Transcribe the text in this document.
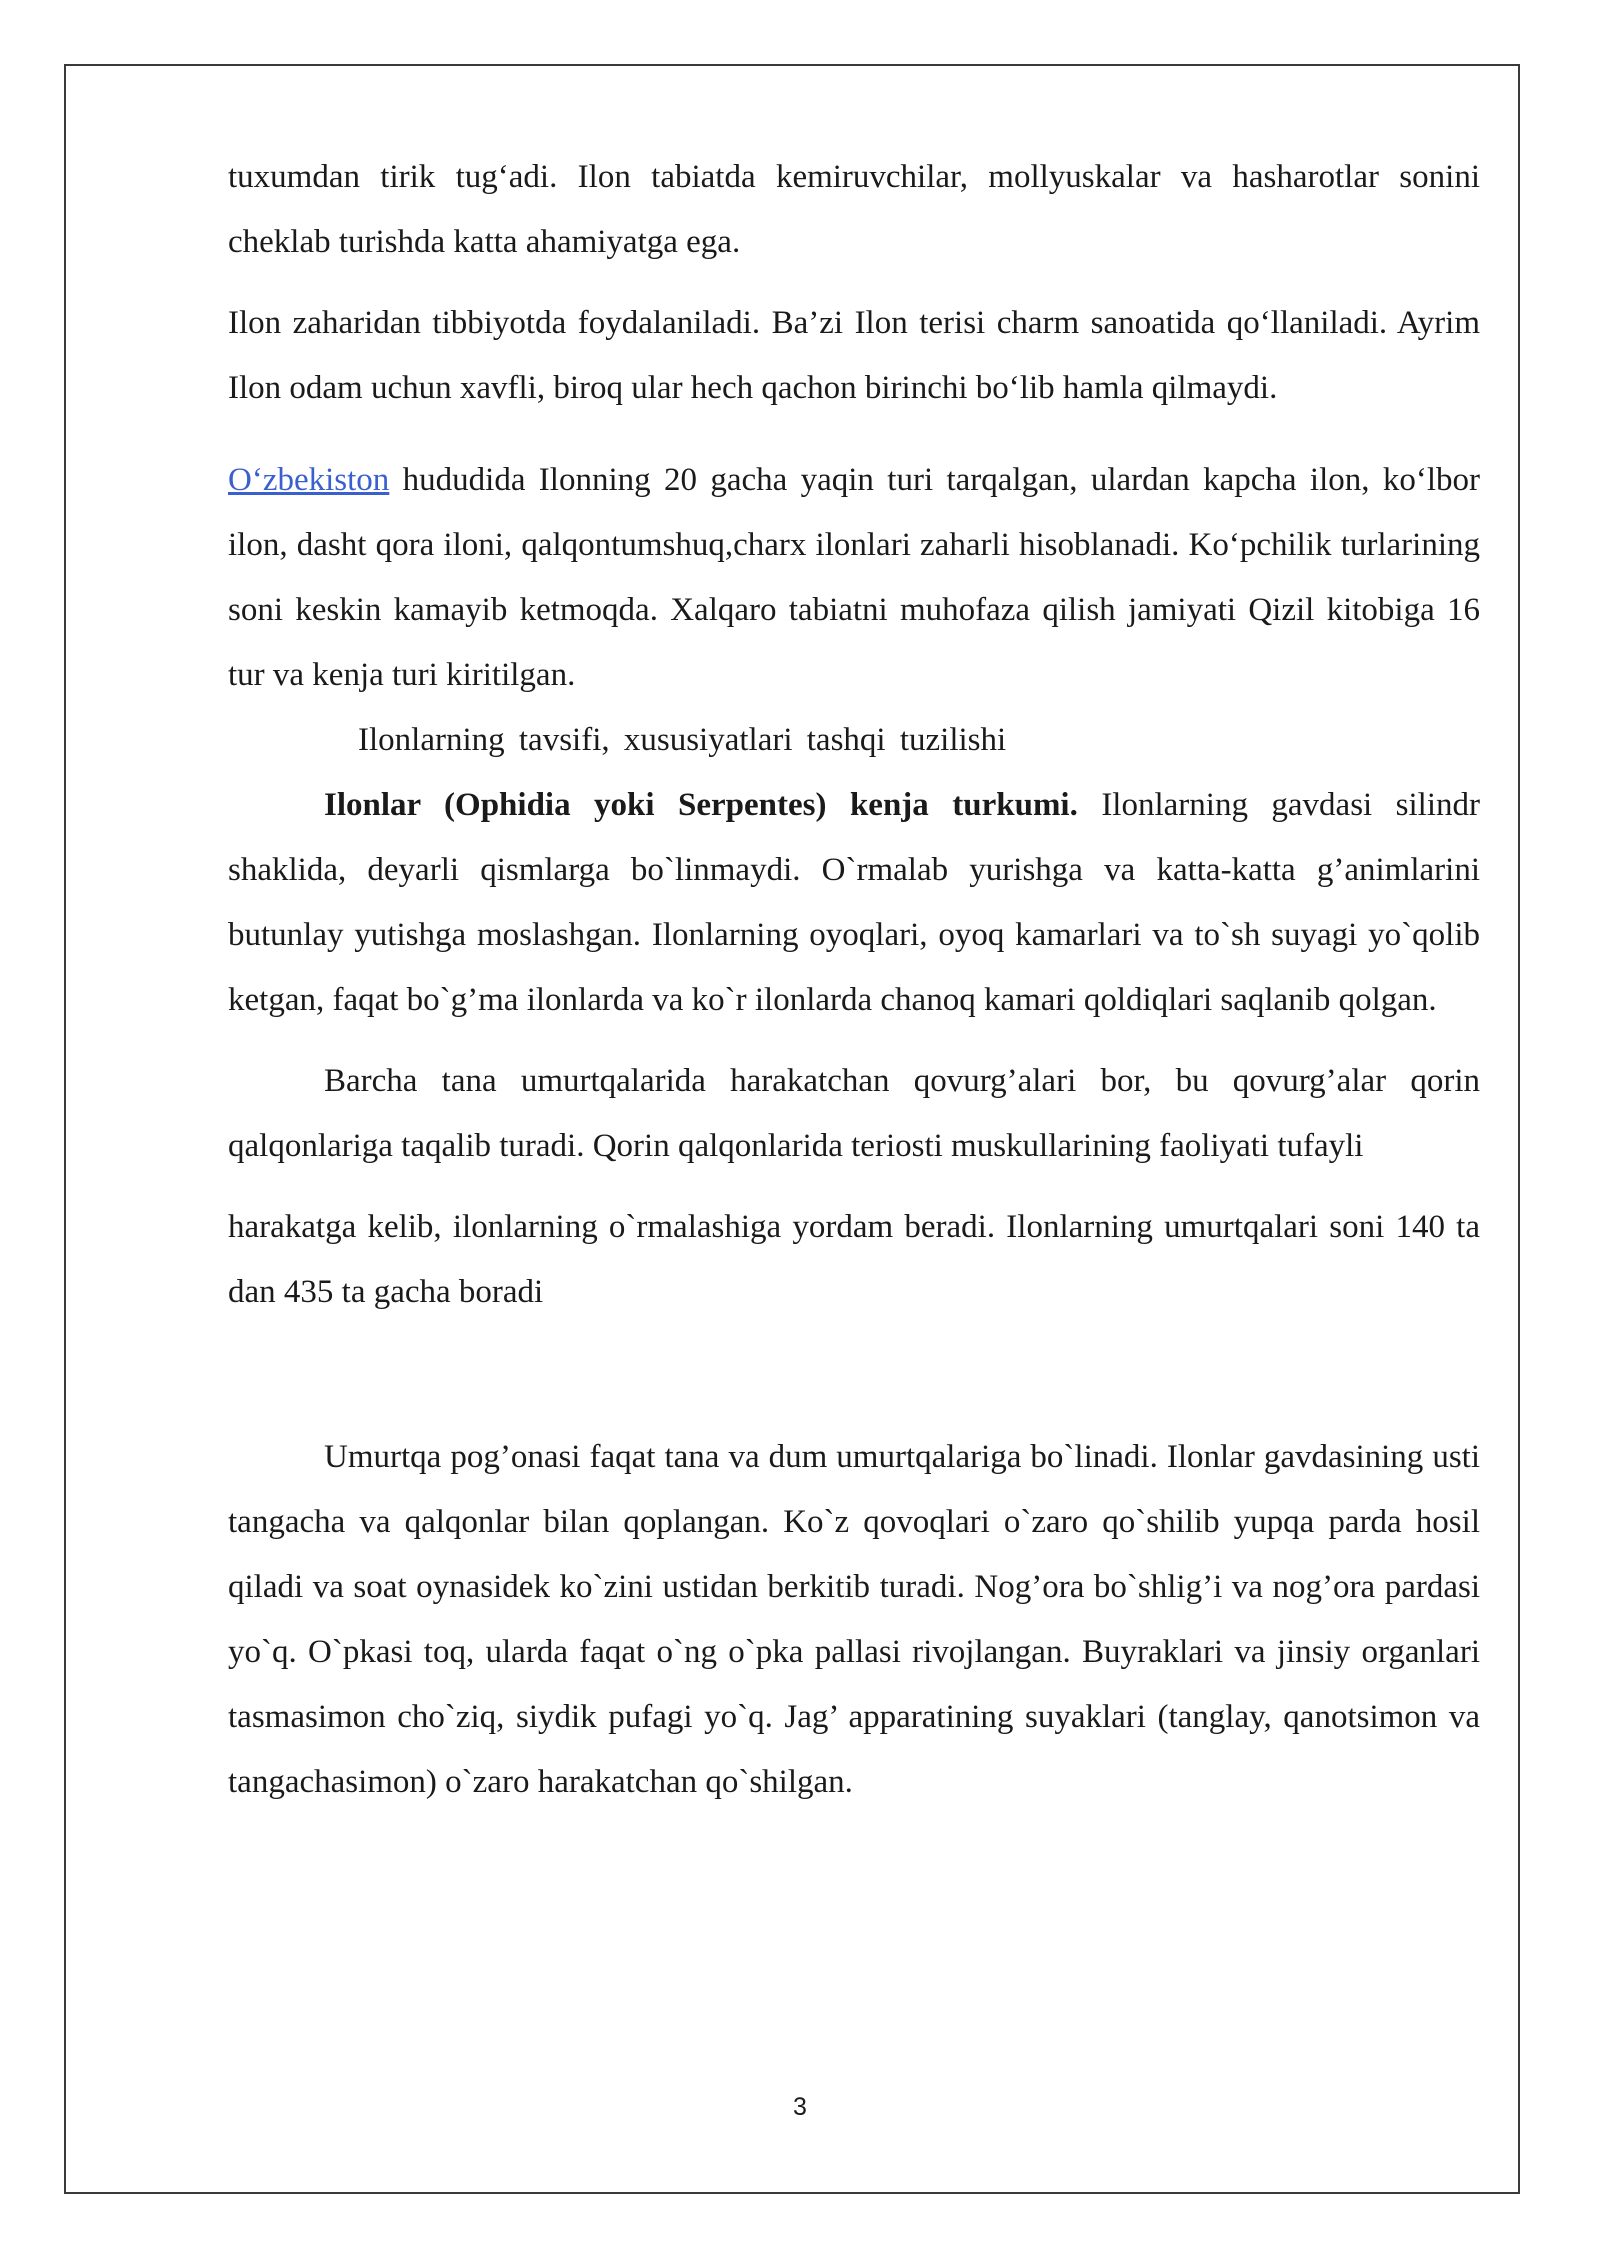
tuxumdan tirik tug‘adi. Ilon tabiatda kemiruvchilar, mollyuskalar va hasharotlar sonini cheklab turishda katta ahamiyatga ega.

Ilon zaharidan tibbiyotda foydalaniladi. Ba’zi Ilon terisi charm sanoatida qo‘llaniladi. Ayrim Ilon odam uchun xavfli, biroq ular hech qachon birinchi bo‘lib hamla qilmaydi.

O‘zbekiston hududida Ilonning 20 gacha yaqin turi tarqalgan, ulardan kapcha ilon, ko‘lbor ilon, dasht qora iloni, qalqontumshuq,charx ilonlari zaharli hisoblanadi. Ko‘pchilik turlarining soni keskin kamayib ketmoqda. Xalqaro tabiatni muhofaza qilish jamiyati Qizil kitobiga 16 tur va kenja turi kiritilgan.

Ilonlarning tavsifi, xususiyatlari tashqi tuzilishi

Ilonlar (Ophidia yoki Serpentes) kenja turkumi. Ilonlarning gavdasi silindr shaklida, deyarli qismlarga bo`linmaydi. O`rmalab yurishga va katta-katta g’animlarini butunlay yutishga moslashgan. Ilonlarning oyoqlari, oyoq kamarlari va to`sh suyagi yo`qolib ketgan, faqat bo`g’ma ilonlarda va ko`r ilonlarda chanoq kamari qoldiqlari saqlanib qolgan.

Barcha tana umurtqalarida harakatchan qovurg’alari bor, bu qovurg’alar qorin qalqonlariga taqalib turadi. Qorin qalqonlarida teriosti muskullarining faoliyati tufayli

harakatga kelib, ilonlarning o`rmalashiga yordam beradi. Ilonlarning umurtqalari soni 140 ta dan 435 ta gacha boradi

Umurtqa pog’onasi faqat tana va dum umurtqalariga bo`linadi. Ilonlar gavdasining usti tangacha va qalqonlar bilan qoplangan. Ko`z qovoqlari o`zaro qo`shilib yupqa parda hosil qiladi va soat oynasidek ko`zini ustidan berkitib turadi. Nog’ora bo`shlig’i va nog’ora pardasi yo`q. O`pkasi toq, ularda faqat o`ng o`pka pallasi rivojlangan. Buyraklari va jinsiy organlari tasmasimon cho`ziq, siydik pufagi yo`q. Jag’ apparatining suyaklari (tanglay, qanotsimon va tangachasimon) o`zaro harakatchan qo`shilgan.

3
